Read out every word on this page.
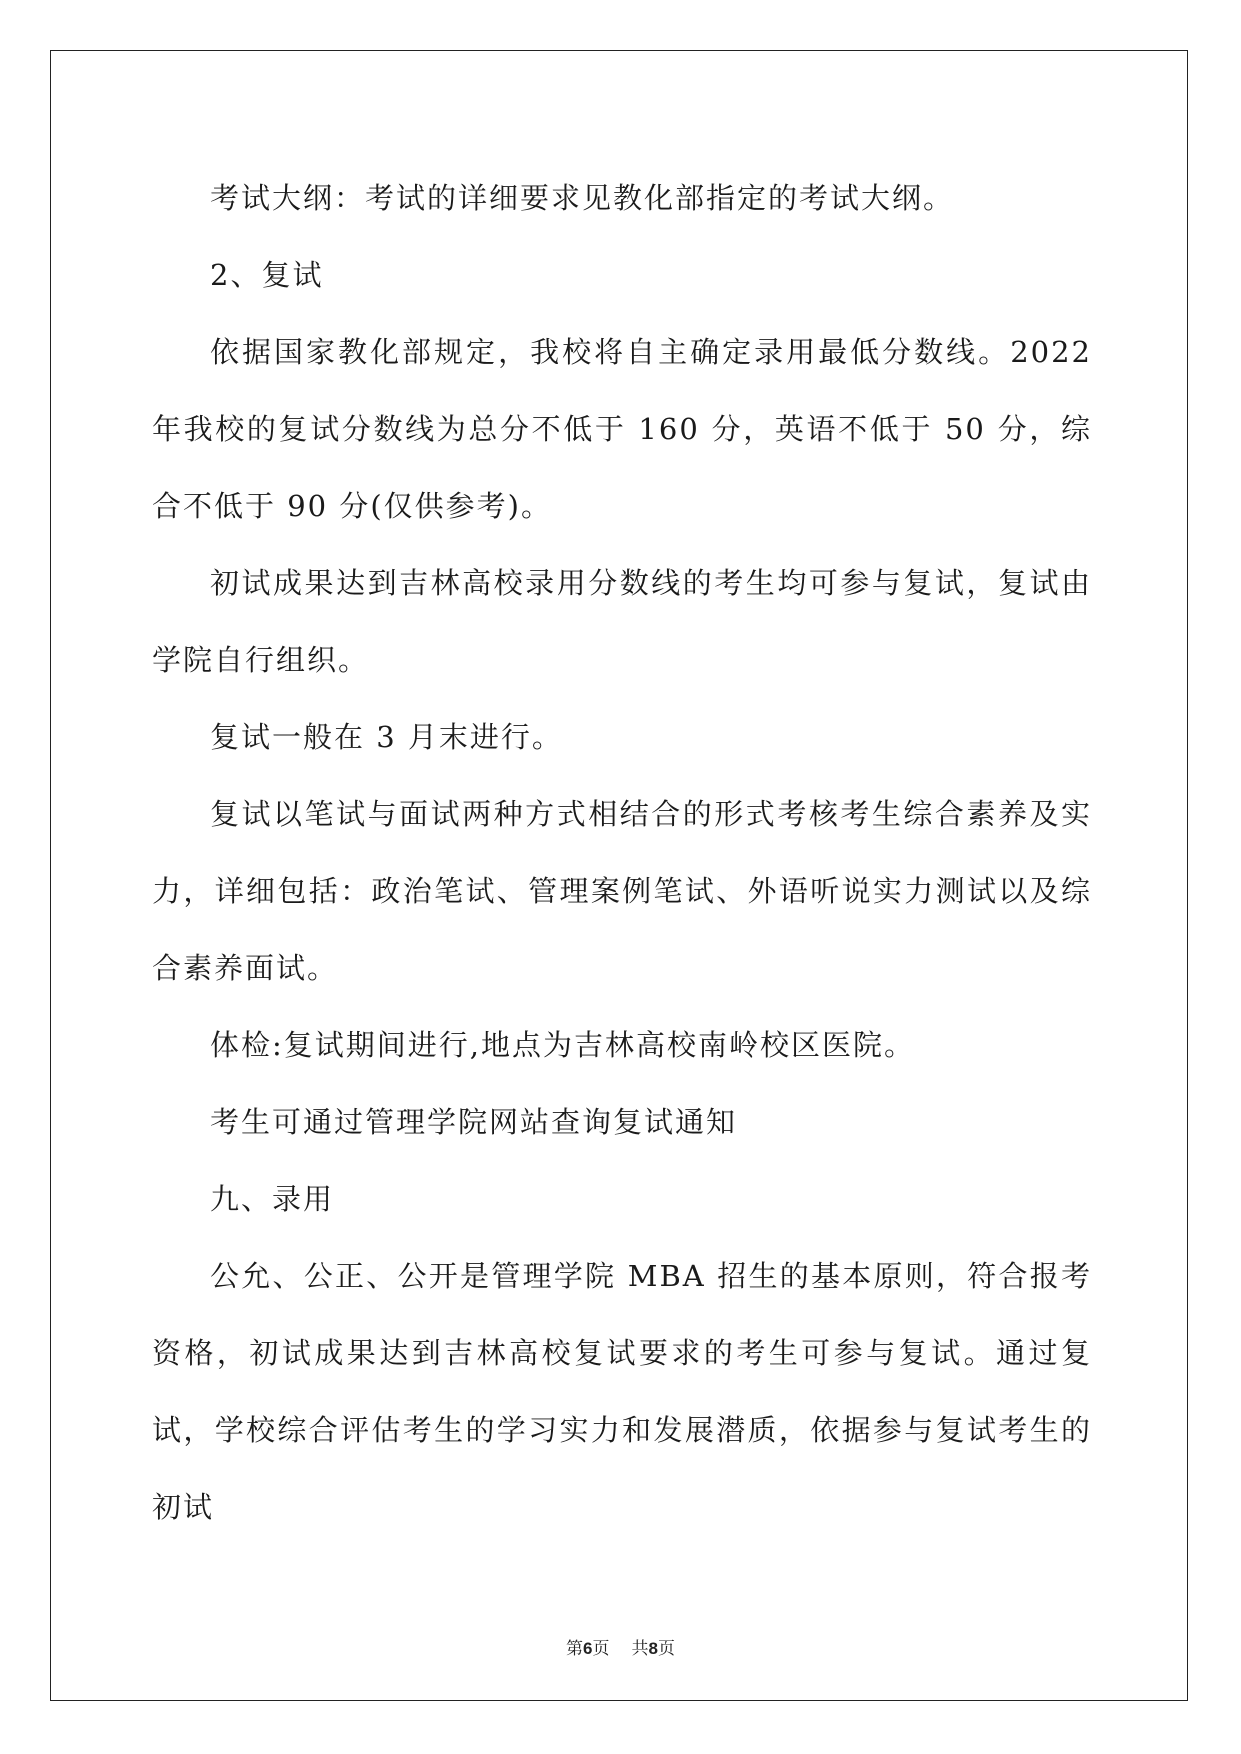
考试大纲：考试的详细要求见教化部指定的考试大纲。

2、复试

依据国家教化部规定，我校将自主确定录用最低分数线。2022 年我校的复试分数线为总分不低于 160 分，英语不低于 50 分，综合不低于 90 分(仅供参考)。

初试成果达到吉林高校录用分数线的考生均可参与复试，复试由学院自行组织。

复试一般在 3 月末进行。

复试以笔试与面试两种方式相结合的形式考核考生综合素养及实力，详细包括：政治笔试、管理案例笔试、外语听说实力测试以及综合素养面试。

体检:复试期间进行,地点为吉林高校南岭校区医院。

考生可通过管理学院网站查询复试通知

九、录用

公允、公正、公开是管理学院 MBA 招生的基本原则，符合报考资格，初试成果达到吉林高校复试要求的考生可参与复试。通过复试，学校综合评估考生的学习实力和发展潜质，依据参与复试考生的初试

第6页 共8页
